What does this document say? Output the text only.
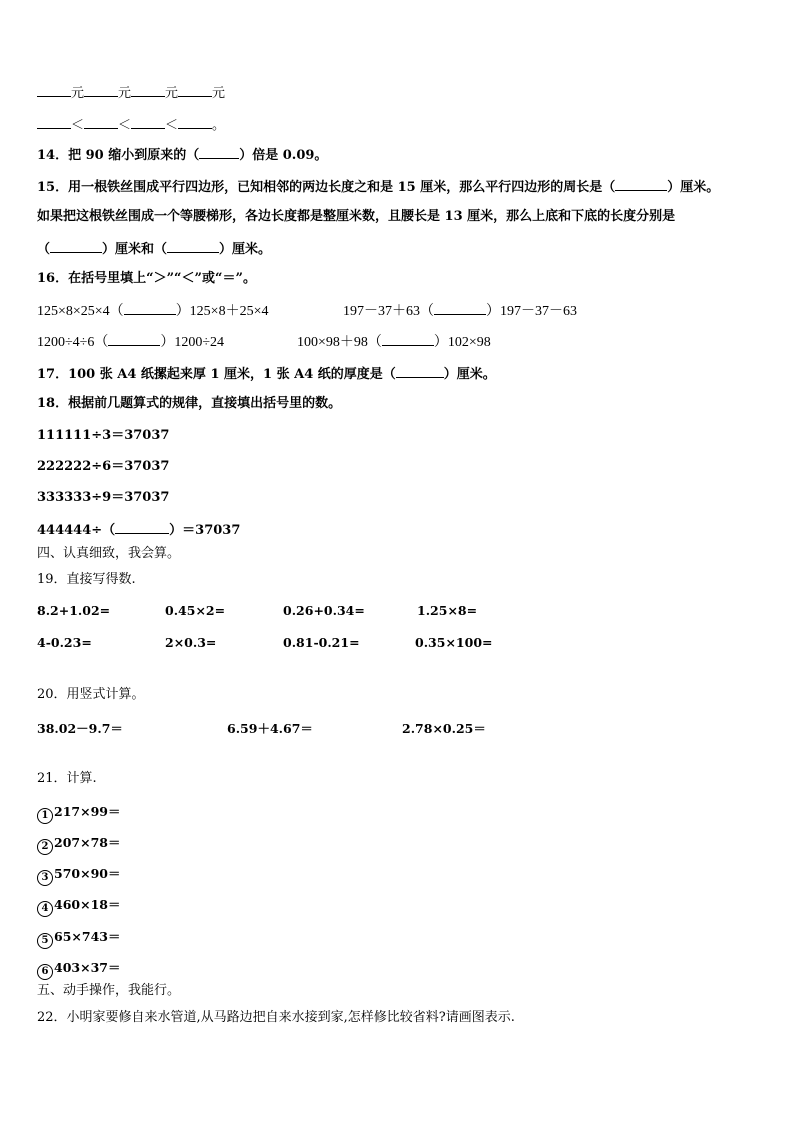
元	元	元	元
＜	＜	＜	。
14．把 90 缩小到原来的（	）倍是 0.09。
15．用一根铁丝围成平行四边形，已知相邻的两边长度之和是 15 厘米，那么平行四边形的周长是（	）厘米。
如果把这根铁丝围成一个等腰梯形，各边长度都是整厘米数，且腰长是 13 厘米，那么上底和下底的长度分别是
（	）厘米和（	）厘米。
16．在括号里填上“＞”“＜”或“＝”。
125×8×25×4（	）125×8＋25×4	197－37＋63（	）197－37－63
1200÷4÷6（	）1200÷24	100×98＋98（	）102×98
17．100 张 A4 纸摞起来厚 1 厘米，1 张 A4 纸的厚度是（	）厘米。
18．根据前几题算式的规律，直接填出括号里的数。
111111÷3＝37037
222222÷6＝37037
333333÷9＝37037
444444÷（	）＝37037
四、认真细致，我会算。
19．直接写得数.
8.2+1.02=	0.45×2=	0.26+0.34=	1.25×8=
4-0.23=	2×0.3=	0.81-0.21=	0.35×100=
20．用竖式计算。
38.02－9.7＝	6.59＋4.67＝	2.78×0.25＝
21．计算.
1 217×99＝
2 207×78＝
3 570×90＝
4 460×18＝
5 65×743＝
6 403×37＝
五、动手操作，我能行。
22．小明家要修自来水管道,从马路边把自来水接到家,怎样修比较省料?请画图表示.
